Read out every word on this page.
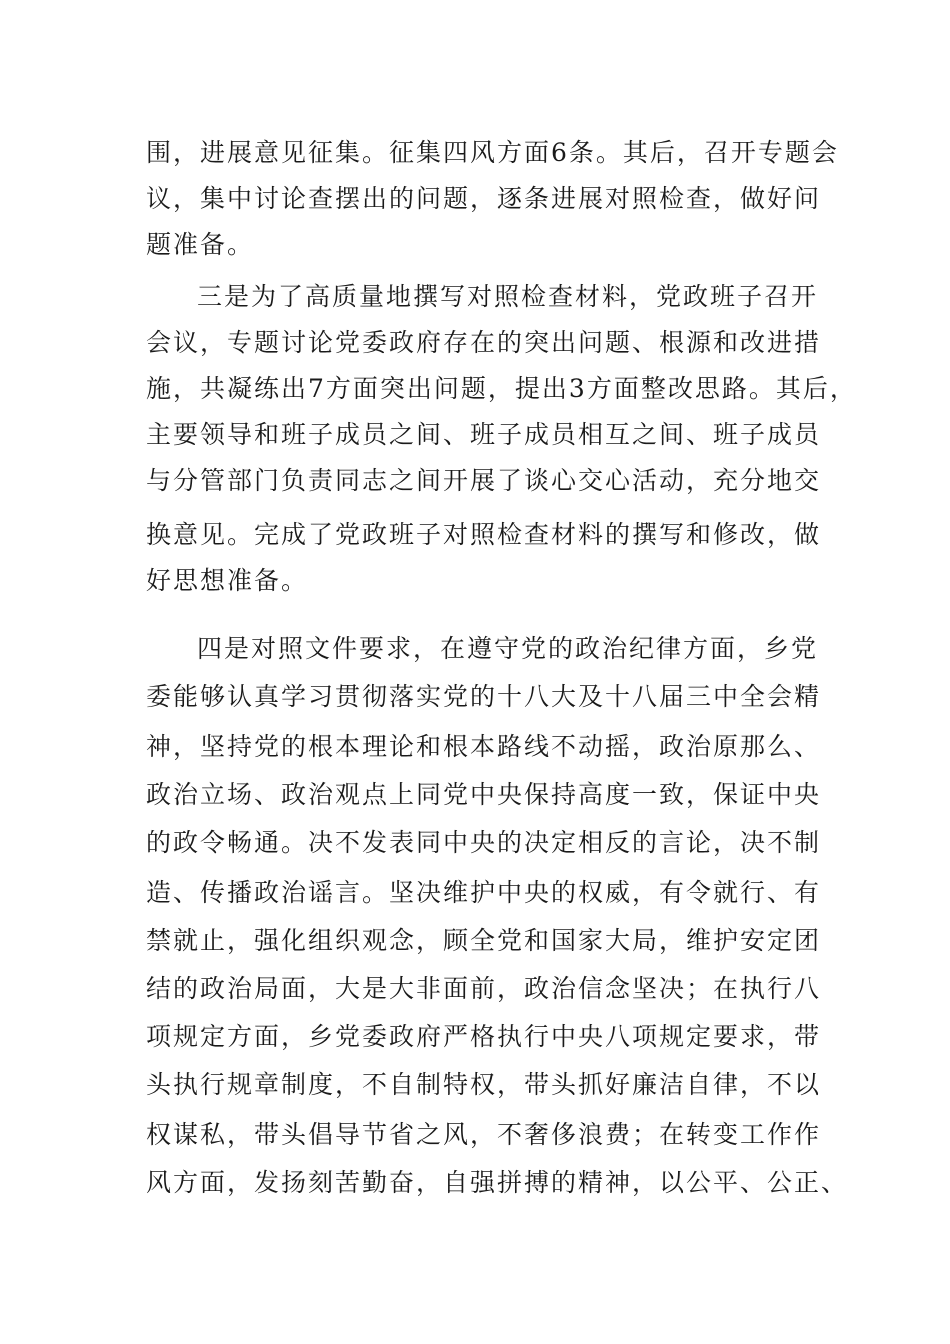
围，进展意见征集。征集四风方面6条。其后，召开专题会
议，集中讨论查摆出的问题，逐条进展对照检查，做好问
题准备。
三是为了高质量地撰写对照检查材料，党政班子召开
会议，专题讨论党委政府存在的突出问题、根源和改进措
施，共凝练出7方面突出问题，提出3方面整改思路。其后，
主要领导和班子成员之间、班子成员相互之间、班子成员
与分管部门负责同志之间开展了谈心交心活动，充分地交
换意见。完成了党政班子对照检查材料的撰写和修改，做
好思想准备。
四是对照文件要求，在遵守党的政治纪律方面，乡党
委能够认真学习贯彻落实党的十八大及十八届三中全会精
神，坚持党的根本理论和根本路线不动摇，政治原那么、
政治立场、政治观点上同党中央保持高度一致，保证中央
的政令畅通。决不发表同中央的决定相反的言论，决不制
造、传播政治谣言。坚决维护中央的权威，有令就行、有
禁就止，强化组织观念，顾全党和国家大局，维护安定团
结的政治局面，大是大非面前，政治信念坚决；在执行八
项规定方面，乡党委政府严格执行中央八项规定要求，带
头执行规章制度，不自制特权，带头抓好廉洁自律，不以
权谋私，带头倡导节省之风，不奢侈浪费；在转变工作作
风方面，发扬刻苦勤奋，自强拼搏的精神，以公平、公正、
